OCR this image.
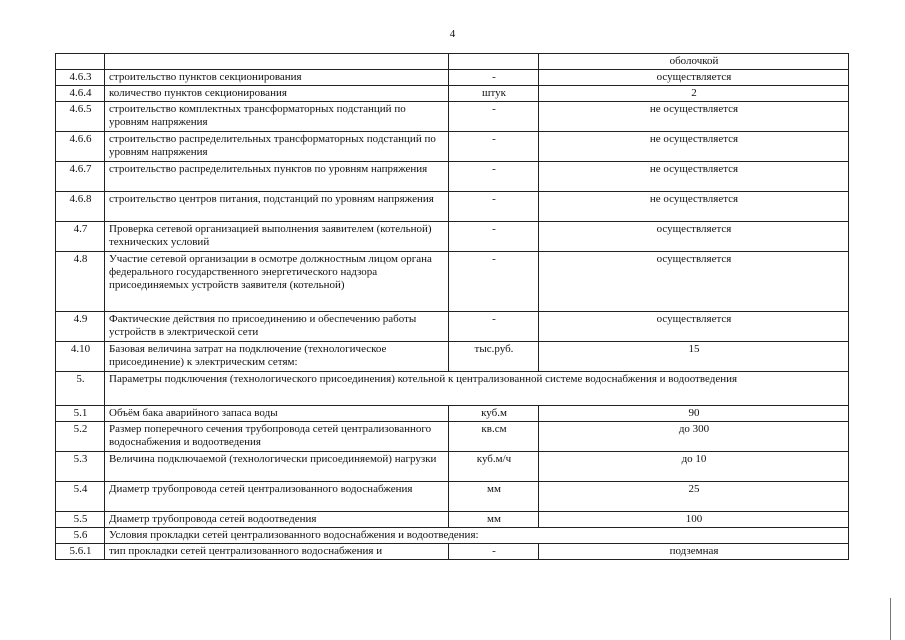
4
			оболочкой
4.6.3	строительство пунктов секционирования	-	осуществляется
4.6.4	количество пунктов секционирования	штук	2
4.6.5	строительство комплектных трансформаторных подстанций по уровням напряжения	-	не осуществляется
4.6.6	строительство распределительных трансформаторных подстанций по уровням напряжения	-	не осуществляется
4.6.7	строительство распределительных пунктов по уровням напряжения	-	не осуществляется
4.6.8	строительство центров питания, подстанций по уровням напряжения	-	не осуществляется
4.7	Проверка сетевой организацией выполнения заявителем (котельной) технических условий	-	осуществляется
4.8	Участие сетевой организации в осмотре должностным лицом органа федерального государственного энергетического надзора присоединяемых устройств заявителя (котельной)	-	осуществляется
4.9	Фактические действия по присоединению и обеспечению работы устройств в электрической сети	-	осуществляется
4.10	Базовая величина затрат на подключение (технологическое присоединение) к электрическим сетям:	тыс.руб.	15
5.	Параметры подключения (технологического присоединения) котельной к централизованной системе водоснабжения и водоотведения		
5.1	Объём бака аварийного запаса воды	куб.м	90
5.2	Размер поперечного сечения трубопровода сетей централизованного водоснабжения и водоотведения	кв.см	до 300
5.3	Величина подключаемой (технологически присоединяемой) нагрузки	куб.м/ч	до 10
5.4	Диаметр трубопровода сетей централизованного водоснабжения	мм	25
5.5	Диаметр трубопровода сетей водоотведения	мм	100
5.6	Условия прокладки сетей централизованного водоснабжения и водоотведения:		
5.6.1	тип прокладки сетей централизованного водоснабжения и	-	подземная
